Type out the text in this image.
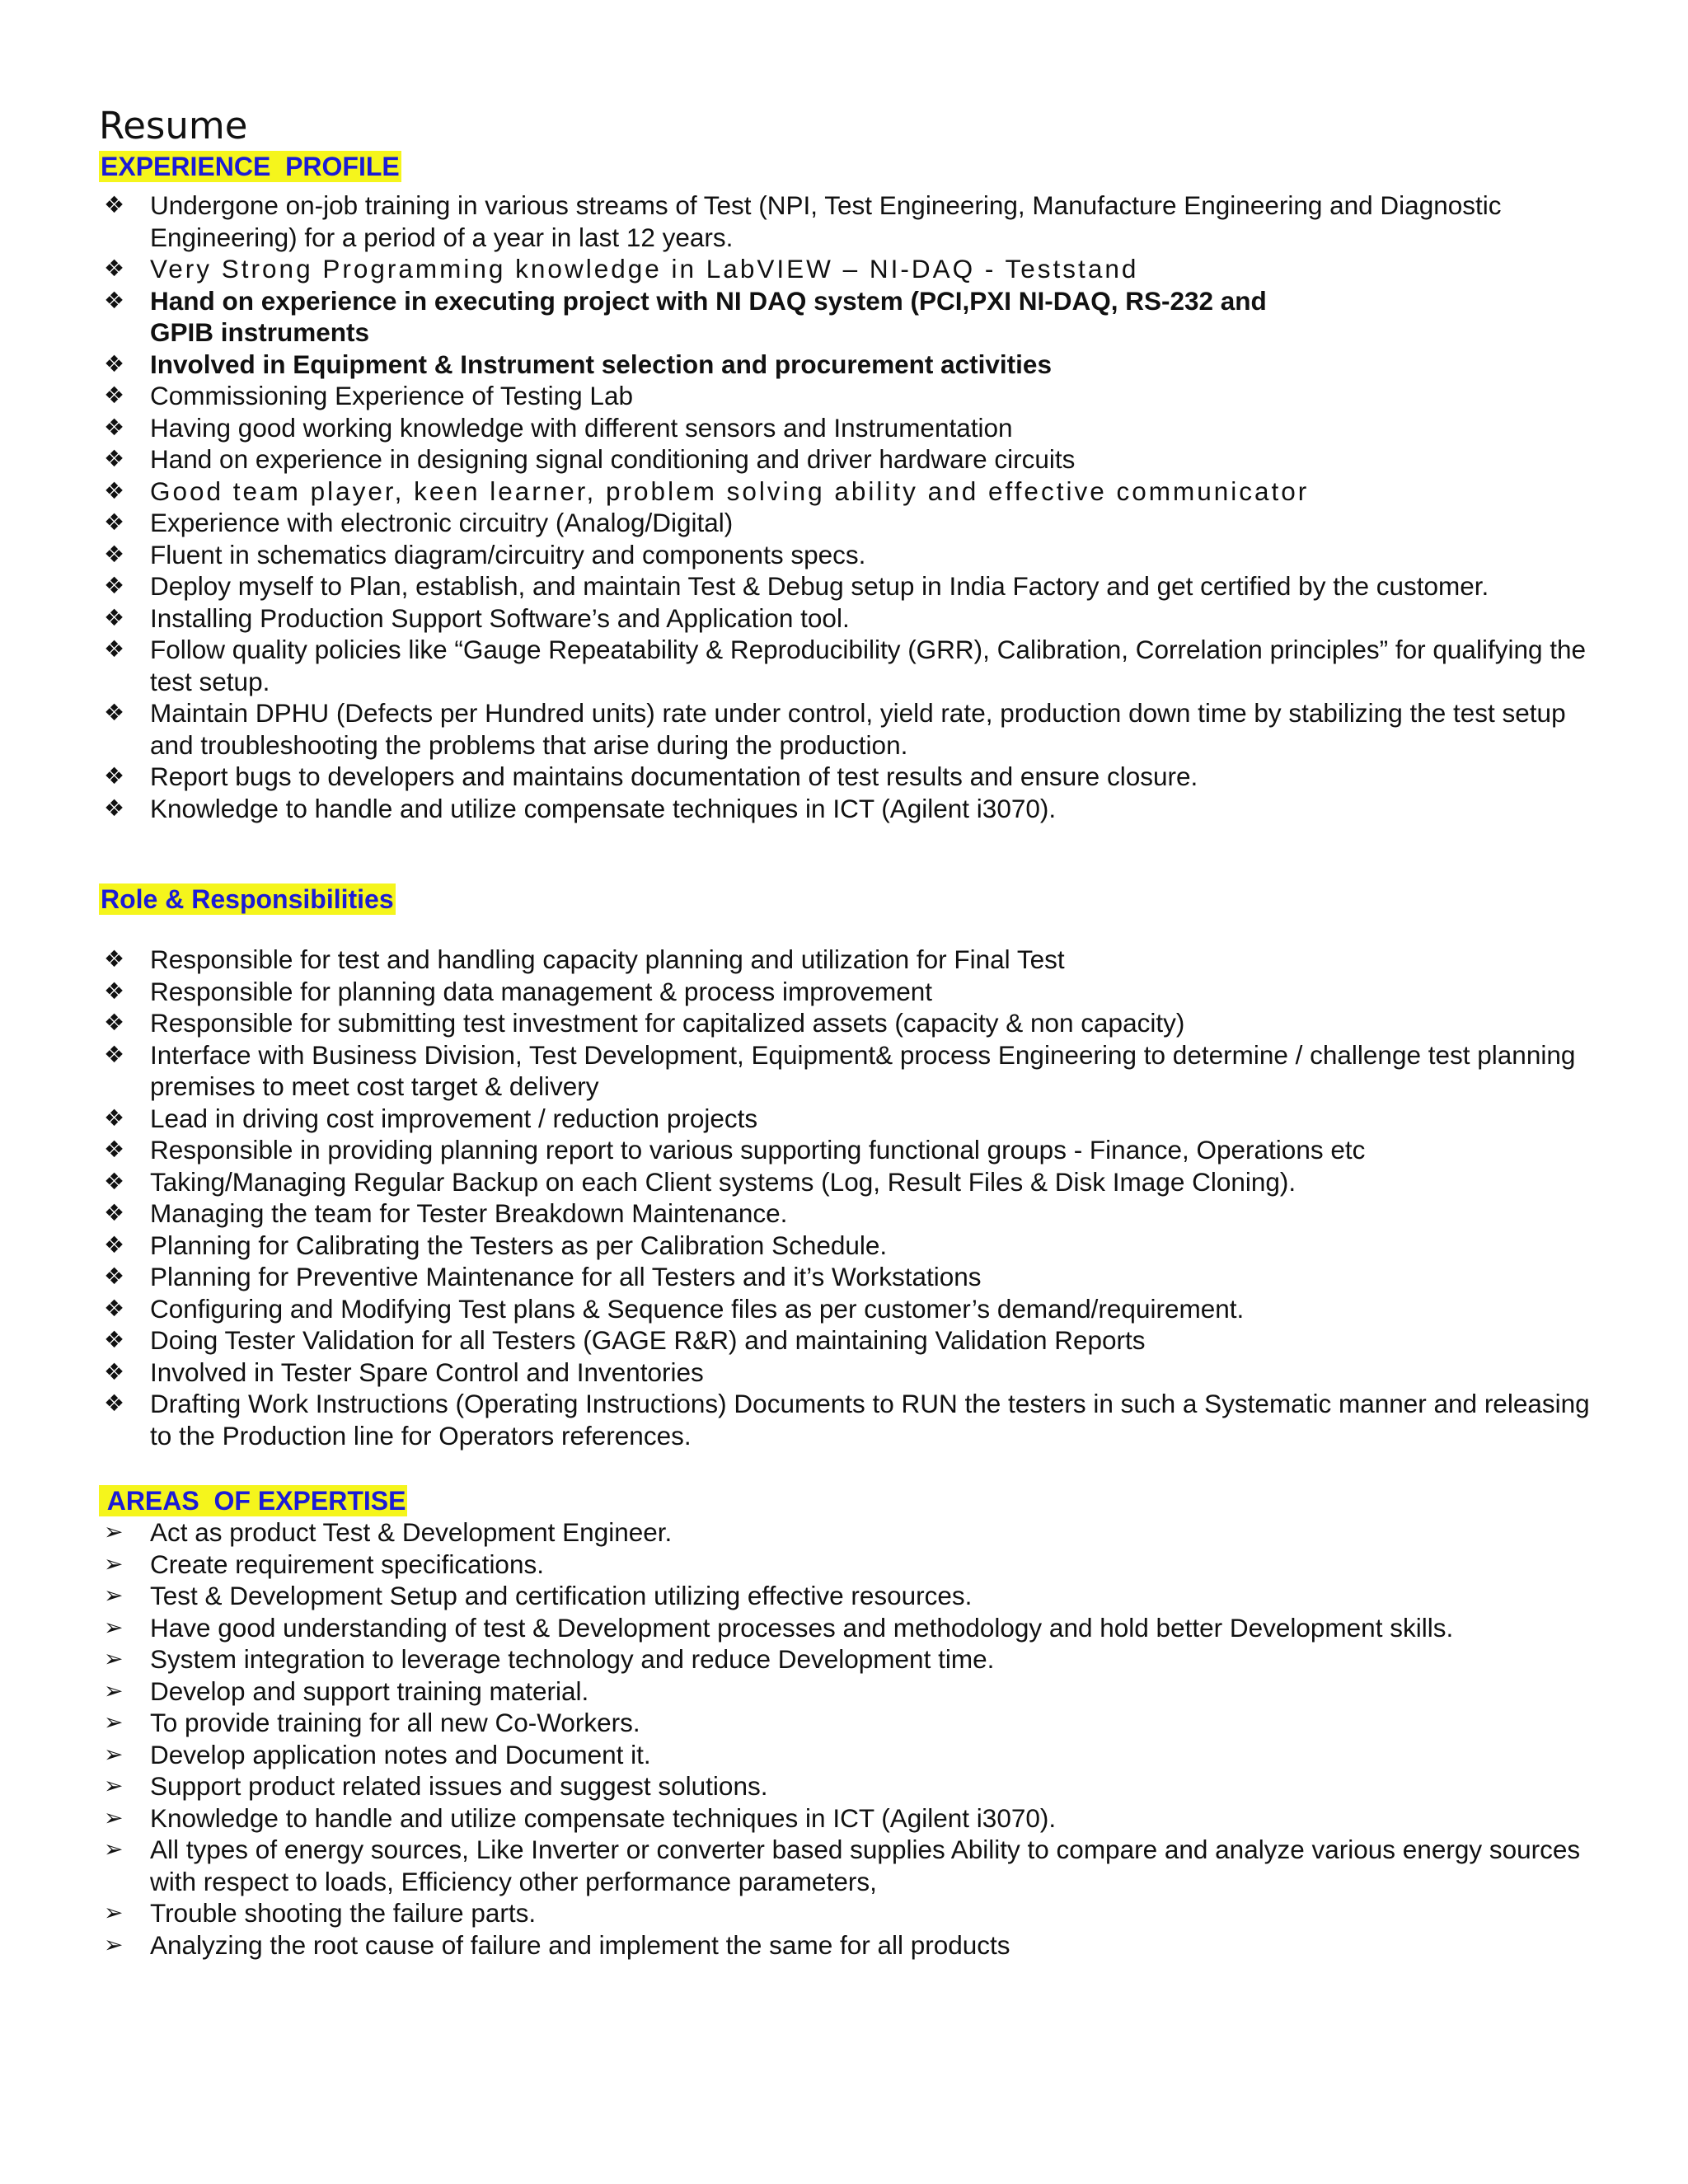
Resume
EXPERIENCE  PROFILE
❖ Undergone on-job training in various streams of Test (NPI, Test Engineering, Manufacture Engineering and Diagnostic Engineering) for a period of a year in last 12 years.
❖ Very Strong Programming knowledge in LabVIEW – NI-DAQ - Teststand
❖ Hand on experience in executing project with NI DAQ system (PCI,PXI NI-DAQ, RS-232 and GPIB instruments
❖ Involved in Equipment & Instrument selection and procurement activities
❖ Commissioning Experience of Testing Lab
❖ Having good working knowledge with different sensors and Instrumentation
❖ Hand on experience in designing signal conditioning and driver hardware circuits
❖ Good team player, keen learner, problem solving ability and effective communicator
❖ Experience with electronic circuitry (Analog/Digital)
❖ Fluent in schematics diagram/circuitry and components specs.
❖ Deploy myself to Plan, establish, and maintain Test & Debug setup in India Factory and get certified by the customer.
❖ Installing Production Support Software’s and Application tool.
❖ Follow quality policies like “Gauge Repeatability & Reproducibility (GRR), Calibration, Correlation principles” for qualifying the test setup.
❖ Maintain DPHU (Defects per Hundred units) rate under control, yield rate, production down time by stabilizing the test setup and troubleshooting the problems that arise during the production.
❖ Report bugs to developers and maintains documentation of test results and ensure closure.
❖ Knowledge to handle and utilize compensate techniques in ICT (Agilent i3070).
Role & Responsibilities
❖ Responsible for test and handling capacity planning and utilization for Final Test
❖ Responsible for planning data management & process improvement
❖ Responsible for submitting test investment for capitalized assets (capacity & non capacity)
❖ Interface with Business Division, Test Development, Equipment& process Engineering to determine / challenge test planning premises to meet cost target & delivery
❖ Lead in driving cost improvement / reduction projects
❖ Responsible in providing planning report to various supporting functional groups - Finance, Operations etc
❖ Taking/Managing Regular Backup on each Client systems (Log, Result Files & Disk Image Cloning).
❖ Managing the team for Tester Breakdown Maintenance.
❖ Planning for Calibrating the Testers as per Calibration Schedule.
❖ Planning for Preventive Maintenance for all Testers and it’s Workstations
❖ Configuring and Modifying Test plans & Sequence files as per customer’s demand/requirement.
❖ Doing Tester Validation for all Testers (GAGE R&R) and maintaining Validation Reports
❖ Involved in Tester Spare Control and Inventories
❖ Drafting Work Instructions (Operating Instructions) Documents to RUN the testers in such a Systematic manner and releasing to the Production line for Operators references.
AREAS  OF EXPERTISE
➢	Act as product Test & Development Engineer.
➢	Create requirement specifications.
➢	Test & Development Setup and certification utilizing effective resources.
➢	Have good understanding of test & Development processes and methodology and hold better Development skills.
➢	System integration to leverage technology and reduce Development time.
➢	Develop and support training material.
➢	To provide training for all new Co-Workers.
➢	Develop application notes and Document it.
➢	Support product related issues and suggest solutions.
➢	Knowledge to handle and utilize compensate techniques in ICT (Agilent i3070).
➢	All types of energy sources, Like Inverter or converter based supplies Ability to compare and analyze various energy sources with respect to loads, Efficiency other performance parameters,
➢	Trouble shooting the failure parts.
➢	Analyzing the root cause of failure and implement the same for all products
